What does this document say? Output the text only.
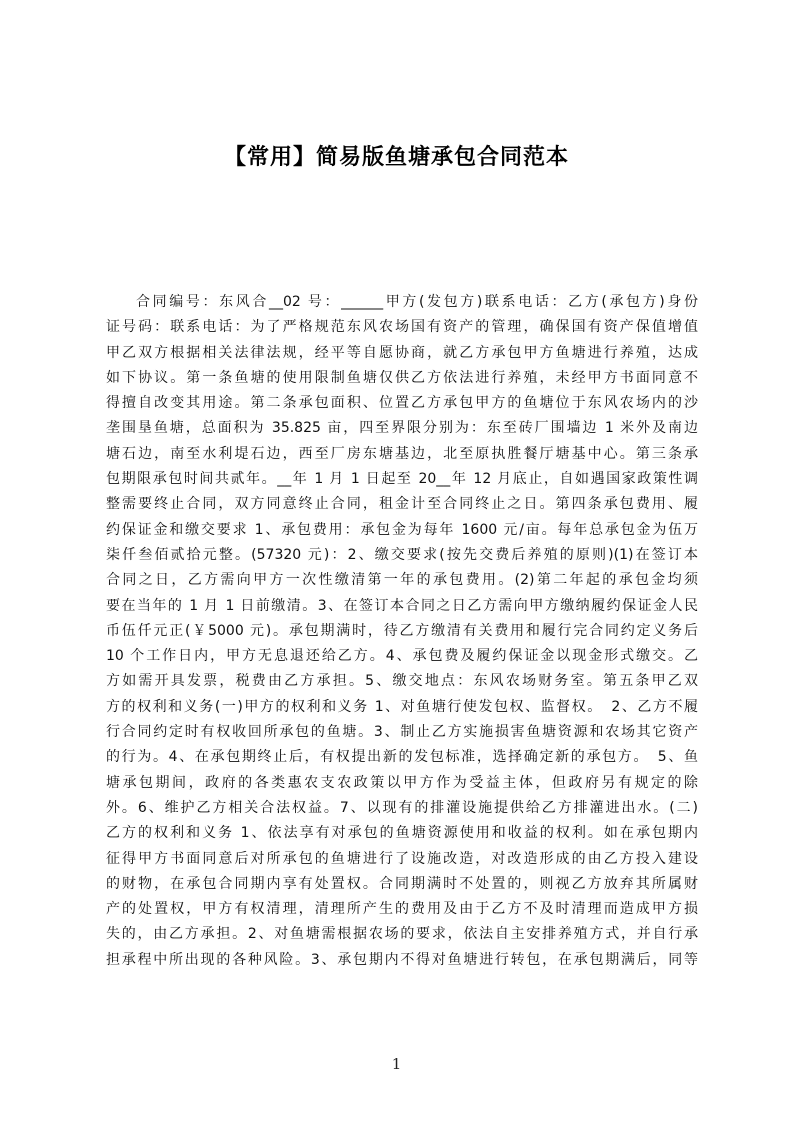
【常用】简易版鱼塘承包合同范本
合同编号：东风合__02 号：______甲方(发包方)联系电话：乙方(承包方)身份
证号码：联系电话：为了严格规范东风农场国有资产的管理，确保国有资产保值增值
甲乙双方根据相关法律法规，经平等自愿协商，就乙方承包甲方鱼塘进行养殖，达成
如下协议。第一条鱼塘的使用限制鱼塘仅供乙方依法进行养殖，未经甲方书面同意不
得擅自改变其用途。第二条承包面积、位置乙方承包甲方的鱼塘位于东风农场内的沙
垄围垦鱼塘，总面积为 35.825 亩，四至界限分别为：东至砖厂围墙边 1 米外及南边
塘石边，南至水利堤石边，西至厂房东塘基边，北至原执胜餐厅塘基中心。第三条承
包期限承包时间共贰年。__年 1 月 1 日起至 20__年 12 月底止，自如遇国家政策性调
整需要终止合同，双方同意终止合同，租金计至合同终止之日。第四条承包费用、履
约保证金和缴交要求 1、承包费用：承包金为每年 1600 元/亩。每年总承包金为伍万
柒仟叁佰贰拾元整。(57320 元)：2、缴交要求(按先交费后养殖的原则)(1)在签订本
合同之日，乙方需向甲方一次性缴清第一年的承包费用。(2)第二年起的承包金均须
要在当年的 1 月 1 日前缴清。3、在签订本合同之日乙方需向甲方缴纳履约保证金人民
币伍仟元正(￥5000 元)。承包期满时，待乙方缴清有关费用和履行完合同约定义务后
10 个工作日内，甲方无息退还给乙方。4、承包费及履约保证金以现金形式缴交。乙
方如需开具发票，税费由乙方承担。5、缴交地点：东风农场财务室。第五条甲乙双
方的权利和义务(一)甲方的权利和义务 1、对鱼塘行使发包权、监督权。　2、乙方不履
行合同约定时有权收回所承包的鱼塘。3、制止乙方实施损害鱼塘资源和农场其它资产
的行为。4、在承包期终止后，有权提出新的发包标准，选择确定新的承包方。　5、鱼
塘承包期间，政府的各类惠农支农政策以甲方作为受益主体，但政府另有规定的除
外。6、维护乙方相关合法权益。7、以现有的排灌设施提供给乙方排灌进出水。(二)
乙方的权利和义务 1、依法享有对承包的鱼塘资源使用和收益的权利。如在承包期内
征得甲方书面同意后对所承包的鱼塘进行了设施改造，对改造形成的由乙方投入建设
的财物，在承包合同期内享有处置权。合同期满时不处置的，则视乙方放弃其所属财
产的处置权，甲方有权清理，清理所产生的费用及由于乙方不及时清理而造成甲方损
失的，由乙方承担。2、对鱼塘需根据农场的要求，依法自主安排养殖方式，并自行承
担承程中所出现的各种风险。3、承包期内不得对鱼塘进行转包，在承包期满后，同等
1
